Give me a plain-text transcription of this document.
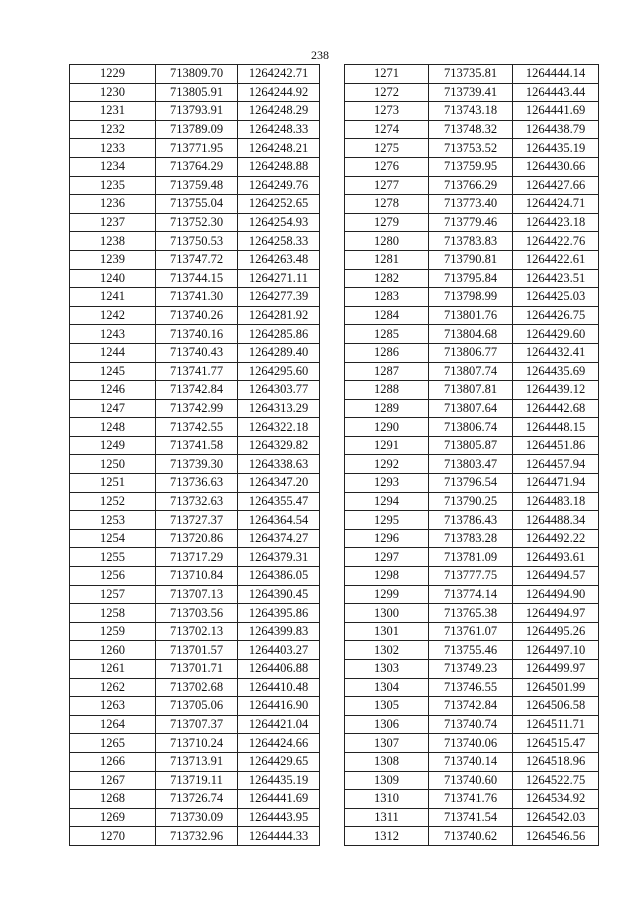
238
1229	713809.70	1264242.71
1230	713805.91	1264244.92
1231	713793.91	1264248.29
1232	713789.09	1264248.33
1233	713771.95	1264248.21
1234	713764.29	1264248.88
1235	713759.48	1264249.76
1236	713755.04	1264252.65
1237	713752.30	1264254.93
1238	713750.53	1264258.33
1239	713747.72	1264263.48
1240	713744.15	1264271.11
1241	713741.30	1264277.39
1242	713740.26	1264281.92
1243	713740.16	1264285.86
1244	713740.43	1264289.40
1245	713741.77	1264295.60
1246	713742.84	1264303.77
1247	713742.99	1264313.29
1248	713742.55	1264322.18
1249	713741.58	1264329.82
1250	713739.30	1264338.63
1251	713736.63	1264347.20
1252	713732.63	1264355.47
1253	713727.37	1264364.54
1254	713720.86	1264374.27
1255	713717.29	1264379.31
1256	713710.84	1264386.05
1257	713707.13	1264390.45
1258	713703.56	1264395.86
1259	713702.13	1264399.83
1260	713701.57	1264403.27
1261	713701.71	1264406.88
1262	713702.68	1264410.48
1263	713705.06	1264416.90
1264	713707.37	1264421.04
1265	713710.24	1264424.66
1266	713713.91	1264429.65
1267	713719.11	1264435.19
1268	713726.74	1264441.69
1269	713730.09	1264443.95
1270	713732.96	1264444.33
1271	713735.81	1264444.14
1272	713739.41	1264443.44
1273	713743.18	1264441.69
1274	713748.32	1264438.79
1275	713753.52	1264435.19
1276	713759.95	1264430.66
1277	713766.29	1264427.66
1278	713773.40	1264424.71
1279	713779.46	1264423.18
1280	713783.83	1264422.76
1281	713790.81	1264422.61
1282	713795.84	1264423.51
1283	713798.99	1264425.03
1284	713801.76	1264426.75
1285	713804.68	1264429.60
1286	713806.77	1264432.41
1287	713807.74	1264435.69
1288	713807.81	1264439.12
1289	713807.64	1264442.68
1290	713806.74	1264448.15
1291	713805.87	1264451.86
1292	713803.47	1264457.94
1293	713796.54	1264471.94
1294	713790.25	1264483.18
1295	713786.43	1264488.34
1296	713783.28	1264492.22
1297	713781.09	1264493.61
1298	713777.75	1264494.57
1299	713774.14	1264494.90
1300	713765.38	1264494.97
1301	713761.07	1264495.26
1302	713755.46	1264497.10
1303	713749.23	1264499.97
1304	713746.55	1264501.99
1305	713742.84	1264506.58
1306	713740.74	1264511.71
1307	713740.06	1264515.47
1308	713740.14	1264518.96
1309	713740.60	1264522.75
1310	713741.76	1264534.92
1311	713741.54	1264542.03
1312	713740.62	1264546.56
